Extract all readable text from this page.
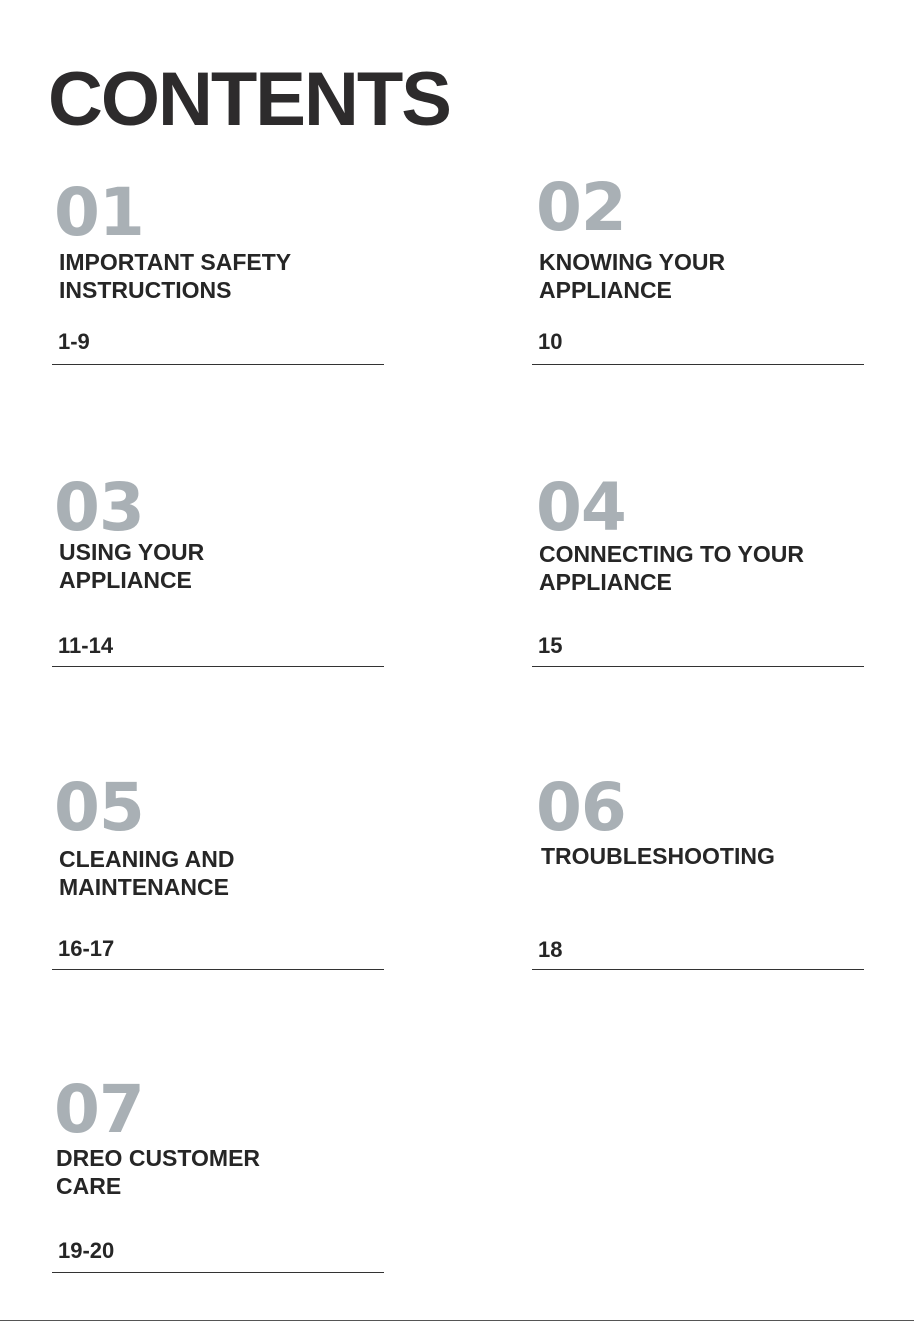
CONTENTS
01
IMPORTANT SAFETY
INSTRUCTIONS
1-9
02
KNOWING YOUR
APPLIANCE
10
03
USING YOUR
APPLIANCE
11-14
04
CONNECTING TO YOUR
APPLIANCE
15
05
CLEANING AND
MAINTENANCE
16-17
06
TROUBLESHOOTING
18
07
DREO CUSTOMER
CARE
19-20
